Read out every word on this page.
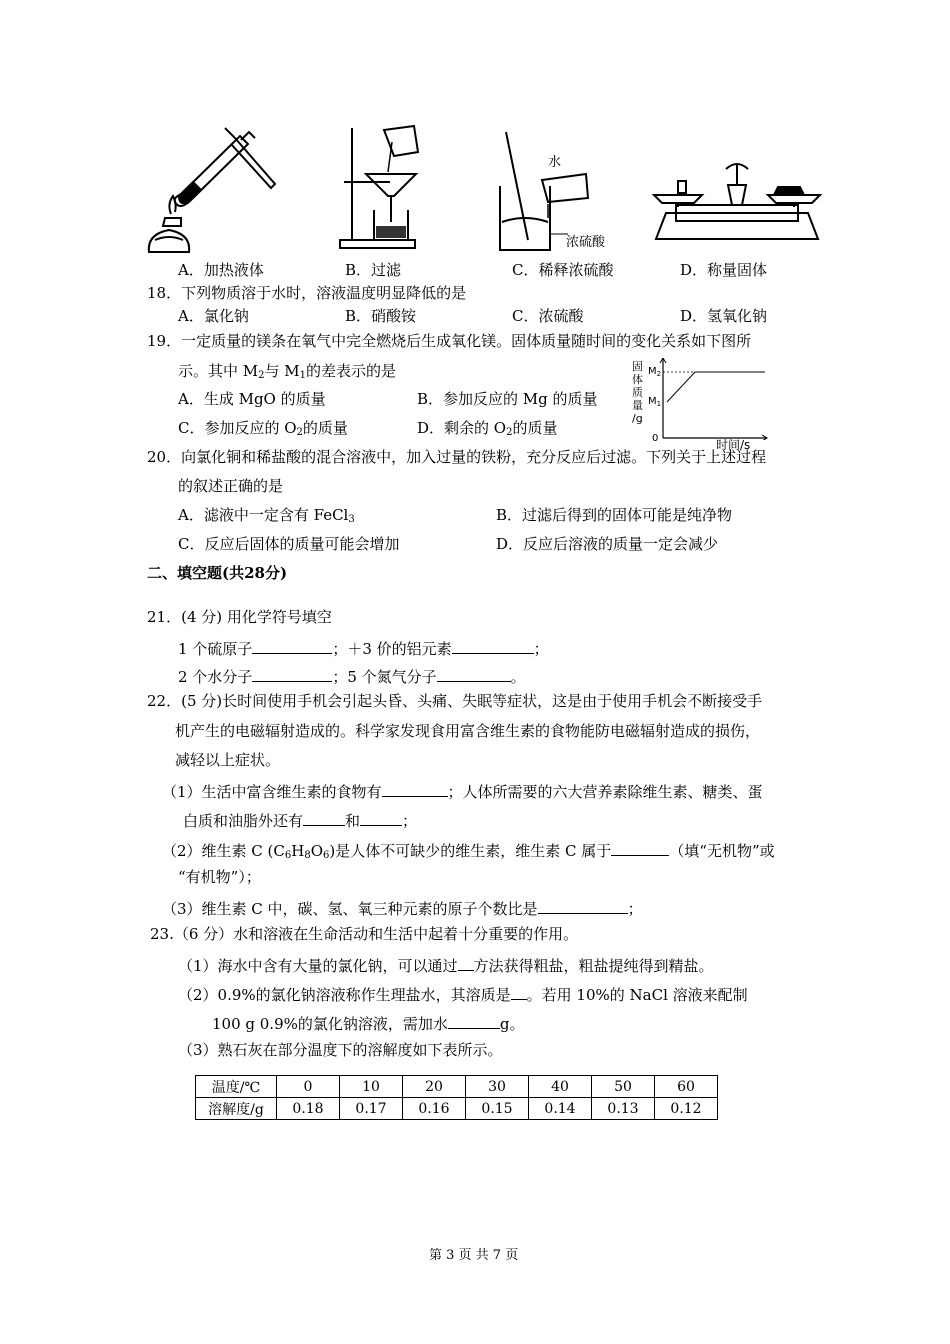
水
浓硫酸
A．加热液体	B．过滤	C．稀释浓硫酸	D．称量固体
18．下列物质溶于水时，溶液温度明显降低的是
A．氯化钠	B．硝酸铵	C．浓硫酸	D．氢氧化钠
19．一定质量的镁条在氧气中完全燃烧后生成氧化镁。固体质量随时间的变化关系如下图所
示。其中 $M_2$与 $M_1$的差表示的是
A．生成 MgO 的质量	B．参加反应的 Mg 的质量
C．参加反应的 $O_2$的质量	D．剩余的 $O_2$的质量
固
体
质
量
/g
$M_2$
$M_1$
0	时间/s
20．向氯化铜和稀盐酸的混合溶液中，加入过量的铁粉，充分反应后过滤。下列关于上述过程
的叙述正确的是
A．滤液中一定含有 FeCl$_3$	B．过滤后得到的固体可能是纯净物
C．反应后固体的质量可能会增加	D．反应后溶液的质量一定会减少
二、填空题(共28分)
21．(4 分) 用化学符号填空
1 个硫原子	；＋3 价的铝元素	；
2 个水分子	；5 个氮气分子	。
22．(5 分)长时间使用手机会引起头昏、头痛、失眠等症状，这是由于使用手机会不断接受手
机产生的电磁辐射造成的。科学家发现食用富含维生素的食物能防电磁辐射造成的损伤，
减轻以上症状。
（1）生活中富含维生素的食物有	；人体所需要的六大营养素除维生素、糖类、蛋
白质和油脂外还有	和	；
（2）维生素 C $(C_6H_8O_6)$是人体不可缺少的维生素，维生素 C 属于	（填“无机物”或
“有机物”）；
（3）维生素 C 中，碳、氢、氧三种元素的原子个数比是	；
23.（6 分）水和溶液在生命活动和生活中起着十分重要的作用。
（1）海水中含有大量的氯化钠，可以通过 方法获得粗盐，粗盐提纯得到精盐。
（2）0.9%的氯化钠溶液称作生理盐水，其溶质是 。若用 10%的 NaCl 溶液来配制
100 g 0.9%的氯化钠溶液，需加水	g。
（3）熟石灰在部分温度下的溶解度如下表所示。
温度/℃	0	10	20	30	40	50	60
溶解度/g	0.18	0.17	0.16	0.15	0.14	0.13	0.12
第 3 页 共 7 页
